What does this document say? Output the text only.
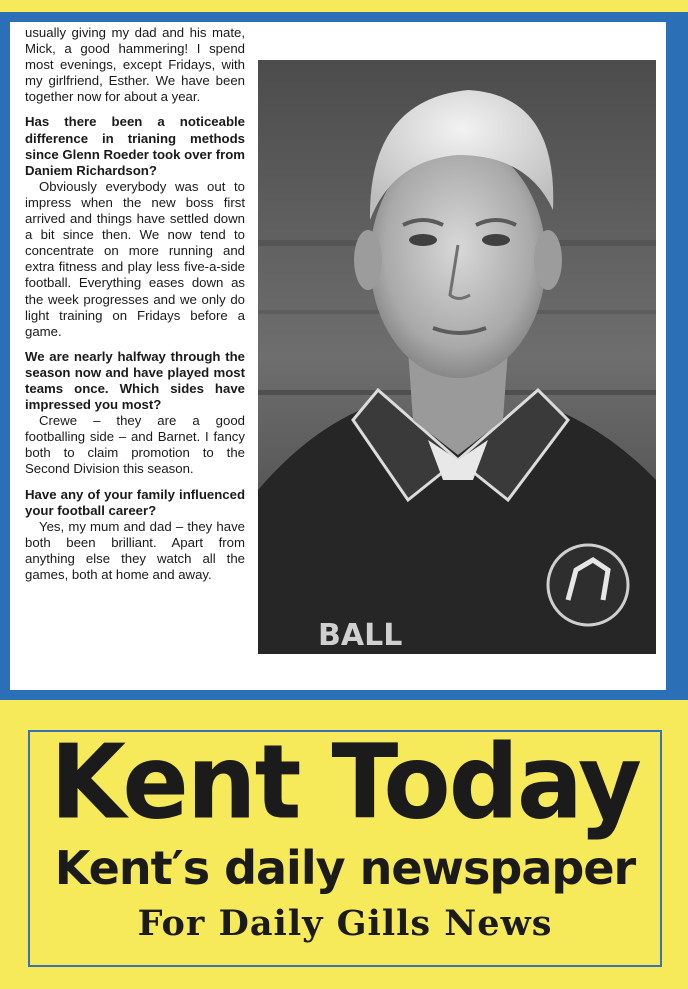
usually giving my dad and his mate, Mick, a good hammering! I spend most evenings, except Fridays, with my girlfriend, Esther. We have been together now for about a year.

Has there been a noticeable difference in trianing methods since Glenn Roeder took over from Daniem Richardson?

Obviously everybody was out to impress when the new boss first arrived and things have settled down a bit since then. We now tend to concentrate on more running and extra fitness and play less five-a-side football. Everything eases down as the week progresses and we only do light training on Fridays before a game.

We are nearly halfway through the season now and have played most teams once. Which sides have impressed you most?

Crewe – they are a good footballing side – and Barnet. I fancy both to claim promotion to the Second Division this season.

Have any of your family influenced your football career?

Yes, my mum and dad – they have both been brilliant. Apart from anything else they watch all the games, both at home and away.

BALL
Kent Today
Kent′s daily newspaper
For Daily Gills News
